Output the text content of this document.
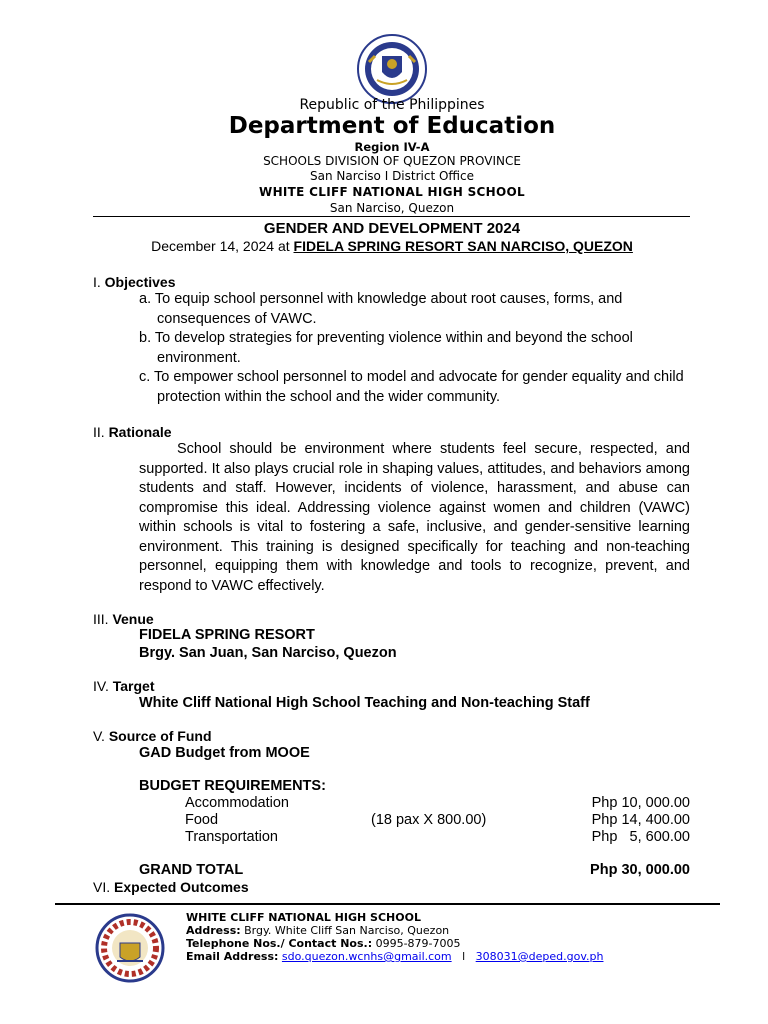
Republic of the Philippines
Department of Education
Region IV-A
SCHOOLS DIVISION OF QUEZON PROVINCE
San Narciso I District Office
WHITE CLIFF NATIONAL HIGH SCHOOL
San Narciso, Quezon
GENDER AND DEVELOPMENT 2024
December 14, 2024 at FIDELA SPRING RESORT SAN NARCISO, QUEZON
I. Objectives
a. To equip school personnel with knowledge about root causes, forms, and consequences of VAWC.
b. To develop strategies for preventing violence within and beyond the school environment.
c. To empower school personnel to model and advocate for gender equality and child protection within the school and the wider community.
II. Rationale
School should be environment where students feel secure, respected, and supported. It also plays crucial role in shaping values, attitudes, and behaviors among students and staff. However, incidents of violence, harassment, and abuse can compromise this ideal. Addressing violence against women and children (VAWC) within schools is vital to fostering a safe, inclusive, and gender-sensitive learning environment. This training is designed specifically for teaching and non-teaching personnel, equipping them with knowledge and tools to recognize, prevent, and respond to VAWC effectively.
III. Venue
FIDELA SPRING RESORT
Brgy. San Juan, San Narciso, Quezon
IV. Target
White Cliff National High School Teaching and Non-teaching Staff
V. Source of Fund
GAD Budget from MOOE
BUDGET REQUIREMENTS:
Accommodation	Php 10, 000.00
Food	(18 pax X 800.00)	Php 14, 400.00
Transportation	Php   5, 600.00
GRAND TOTAL	Php 30, 000.00
VI. Expected Outcomes
WHITE CLIFF NATIONAL HIGH SCHOOL
Address: Brgy. White Cliff San Narciso, Quezon
Telephone Nos./ Contact Nos.: 0995-879-7005
Email Address: sdo.quezon.wcnhs@gmail.com   l   308031@deped.gov.ph
